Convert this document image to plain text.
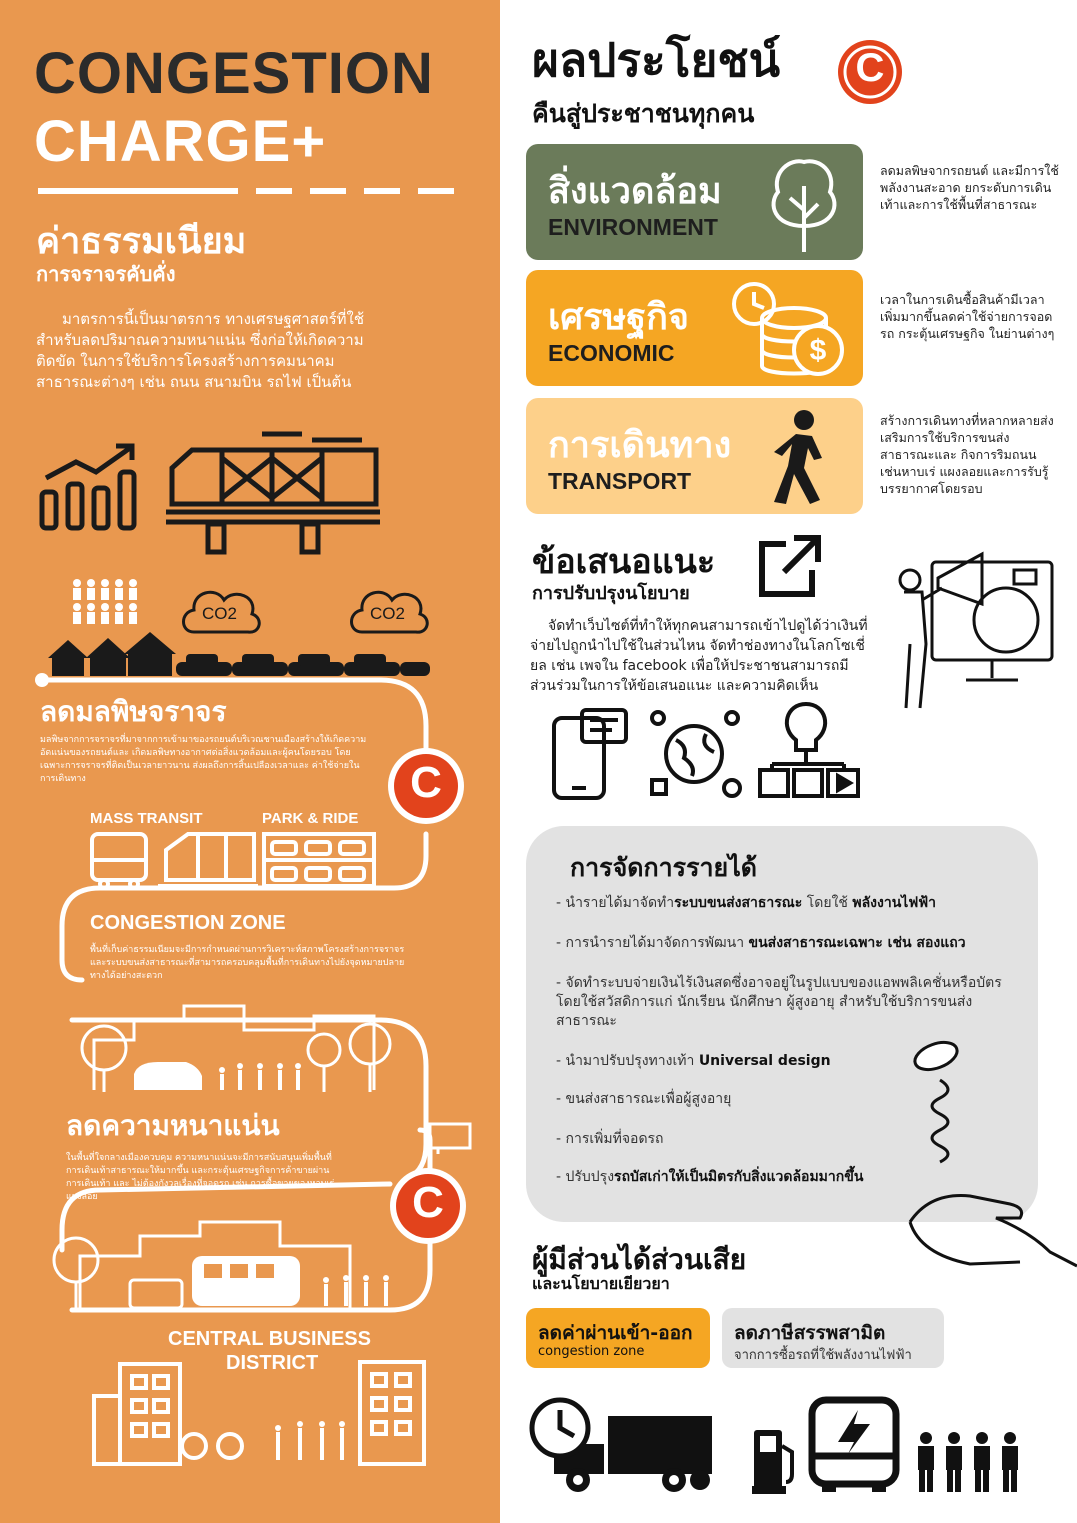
CONGESTION
CHARGE+
ค่าธรรมเนียม
การจราจรคับคั่ง
มาตรการนี้เป็นมาตรการ ทางเศรษฐศาสตร์ที่ใช้สำหรับลดปริมาณความหนาแน่น ซึ่งก่อให้เกิดความติดขัด ในการใช้บริการโครงสร้างการคมนาคมสาธารณะต่างๆ เช่น ถนน สนามบิน รถไฟ เป็นต้น
CO2	CO2
ลดมลพิษจราจร
มลพิษจากการจราจรที่มาจากการเข้ามาของรถยนต์บริเวณชานเมืองสร้างให้เกิดความอัดแน่นของรถยนต์และ เกิดมลพิษทางอากาศต่อสิ่งแวดล้อมและผู้คนโดยรอบ โดยเฉพาะการจราจรที่ติดเป็นเวลายาวนาน ส่งผลถึงการสิ้นเปลืองเวลาและ ค่าใช้จ่ายในการเดินทาง	C
MASS TRANSIT	PARK & RIDE
CONGESTION ZONE
พื้นที่เก็บค่าธรรมเนียมจะมีการกำหนดผ่านการวิเคราะห์สภาพโครงสร้างการจราจรและระบบขนส่งสาธารณะที่สามารถครอบคลุมพื้นที่การเดินทางไปยังจุดหมายปลายทางได้อย่างสะดวก
ลดความหนาแน่น
ในพื้นที่ใจกลางเมืองควบคุม ความหนาแน่นจะมีการสนับสนุนเพิ่มพื้นที่การเดินเท้าสาธารณะให้มากขึ้น และกระตุ้นเศรษฐกิจการค้าขายผ่าน การเดินเท้า และ ไม่ต้องกังวลเรื่องที่จอดรถ เช่น การซื้อขายของหาบเร่แผงลอย	C
CENTRAL BUSINESS
DISTRICT
ผลประโยชน์	C
คืนสู่ประชาชนทุกคน
สิ่งแวดล้อม
ENVIRONMENT
ลดมลพิษจากรถยนต์ และมีการใช้พลังงานสะอาด ยกระดับการเดินเท้าและการใช้พื้นที่สาธารณะ
เศรษฐกิจ
ECONOMIC	$
เวลาในการเดินซื้อสินค้ามีเวลาเพิ่มมากขึ้นลดค่าใช้จ่ายการจอดรถ กระตุ้นเศรษฐกิจ ในย่านต่างๆ
การเดินทาง
TRANSPORT
สร้างการเดินทางที่หลากหลายส่งเสริมการใช้บริการขนส่งสาธารณะและ กิจการริมถนน เช่นหาบเร่ แผงลอยและการรับรู้บรรยากาศโดยรอบ
ข้อเสนอแนะ
การปรับปรุงนโยบาย
จัดทำเว็บไซต์ที่ทำให้ทุกคนสามารถเข้าไปดูได้ว่าเงินที่จ่ายไปถูกนำไปใช้ในส่วนไหน จัดทำช่องทางในโลกโซเชี่ยล เช่น เพจใน facebook เพื่อให้ประชาชนสามารถมีส่วนร่วมในการให้ข้อเสนอแนะ และความคิดเห็น
การจัดการรายได้
- นำรายได้มาจัดทำระบบขนส่งสาธารณะ โดยใช้ พลังงานไฟฟ้า
- การนำรายได้มาจัดการพัฒนา ขนส่งสาธารณะเฉพาะ เช่น สองแถว
- จัดทำระบบจ่ายเงินไร้เงินสดซึ่งอาจอยู่ในรูปแบบของแอพพลิเคชั่นหรือบัตร โดยใช้สวัสดิการแก่ นักเรียน นักศึกษา ผู้สูงอายุ สำหรับใช้บริการขนส่งสาธารณะ
- นำมาปรับปรุงทางเท้า Universal design
- ขนส่งสาธารณะเพื่อผู้สูงอายุ
- การเพิ่มที่จอดรถ
- ปรับปรุงรถบัสเก่าให้เป็นมิตรกับสิ่งแวดล้อมมากขึ้น
ผู้มีส่วนได้ส่วนเสีย
และนโยบายเยียวยา
ลดค่าผ่านเข้า-ออก
congestion zone
ลดภาษีสรรพสามิต
จากการซื้อรถที่ใช้พลังงานไฟฟ้า
